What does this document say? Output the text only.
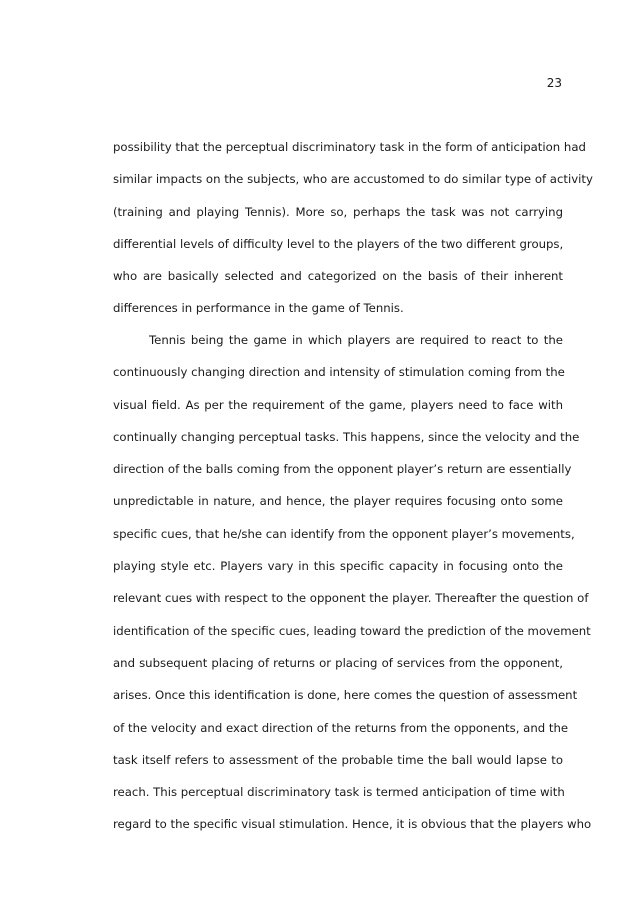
23
possibility that the perceptual discriminatory task in the form of anticipation had
similar impacts on the subjects, who are accustomed to do similar type of activity
(training and playing Tennis). More so, perhaps the task was not carrying
differential levels of difficulty level to the players of the two different groups,
who are basically selected and categorized on the basis of their inherent
differences in performance in the game of Tennis.
Tennis being the game in which players are required to react to the
continuously changing direction and intensity of stimulation coming from the
visual field. As per the requirement of the game, players need to face with
continually changing perceptual tasks. This happens, since the velocity and the
direction of the balls coming from the opponent player’s return are essentially
unpredictable in nature, and hence, the player requires focusing onto some
specific cues, that he/she can identify from the opponent player’s movements,
playing style etc. Players vary in this specific capacity in focusing onto the
relevant cues with respect to the opponent the player. Thereafter the question of
identification of the specific cues, leading toward the prediction of the movement
and subsequent placing of returns or placing of services from the opponent,
arises. Once this identification is done, here comes the question of assessment
of the velocity and exact direction of the returns from the opponents, and the
task itself refers to assessment of the probable time the ball would lapse to
reach. This perceptual discriminatory task is termed anticipation of time with
regard to the specific visual stimulation. Hence, it is obvious that the players who
